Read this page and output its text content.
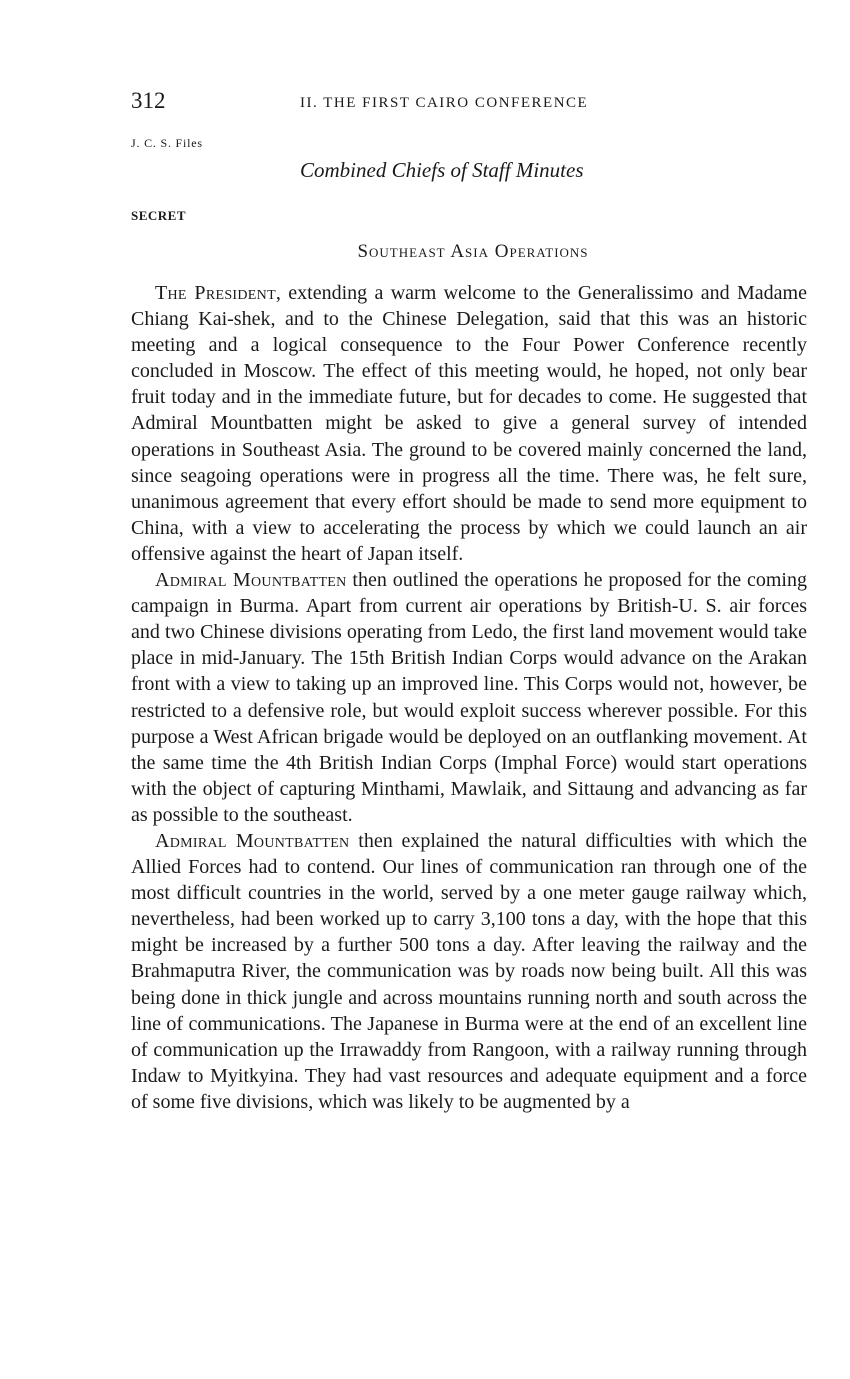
312	II. THE FIRST CAIRO CONFERENCE
J. C. S. Files
Combined Chiefs of Staff Minutes
SECRET
Southeast Asia Operations

The President, extending a warm welcome to the Generalissimo and Madame Chiang Kai-shek, and to the Chinese Delegation, said that this was an historic meeting and a logical consequence to the Four Power Conference recently concluded in Moscow. The effect of this meeting would, he hoped, not only bear fruit today and in the immediate future, but for decades to come. He suggested that Admiral Mountbatten might be asked to give a general survey of intended operations in Southeast Asia. The ground to be covered mainly concerned the land, since seagoing operations were in progress all the time. There was, he felt sure, unanimous agreement that every effort should be made to send more equipment to China, with a view to accelerating the process by which we could launch an air offensive against the heart of Japan itself.

Admiral Mountbatten then outlined the operations he proposed for the coming campaign in Burma. Apart from current air operations by British-U. S. air forces and two Chinese divisions operating from Ledo, the first land movement would take place in mid-January. The 15th British Indian Corps would advance on the Arakan front with a view to taking up an improved line. This Corps would not, however, be restricted to a defensive role, but would exploit success wherever possible. For this purpose a West African brigade would be deployed on an outflanking movement. At the same time the 4th British Indian Corps (Imphal Force) would start operations with the object of capturing Minthami, Mawlaik, and Sittaung and advancing as far as possible to the southeast.

Admiral Mountbatten then explained the natural difficulties with which the Allied Forces had to contend. Our lines of communication ran through one of the most difficult countries in the world, served by a one meter gauge railway which, nevertheless, had been worked up to carry 3,100 tons a day, with the hope that this might be increased by a further 500 tons a day. After leaving the railway and the Brahmaputra River, the communication was by roads now being built. All this was being done in thick jungle and across mountains running north and south across the line of communications. The Japanese in Burma were at the end of an excellent line of communication up the Irrawaddy from Rangoon, with a railway running through Indaw to Myitkyina. They had vast resources and adequate equipment and a force of some five divisions, which was likely to be augmented by a
